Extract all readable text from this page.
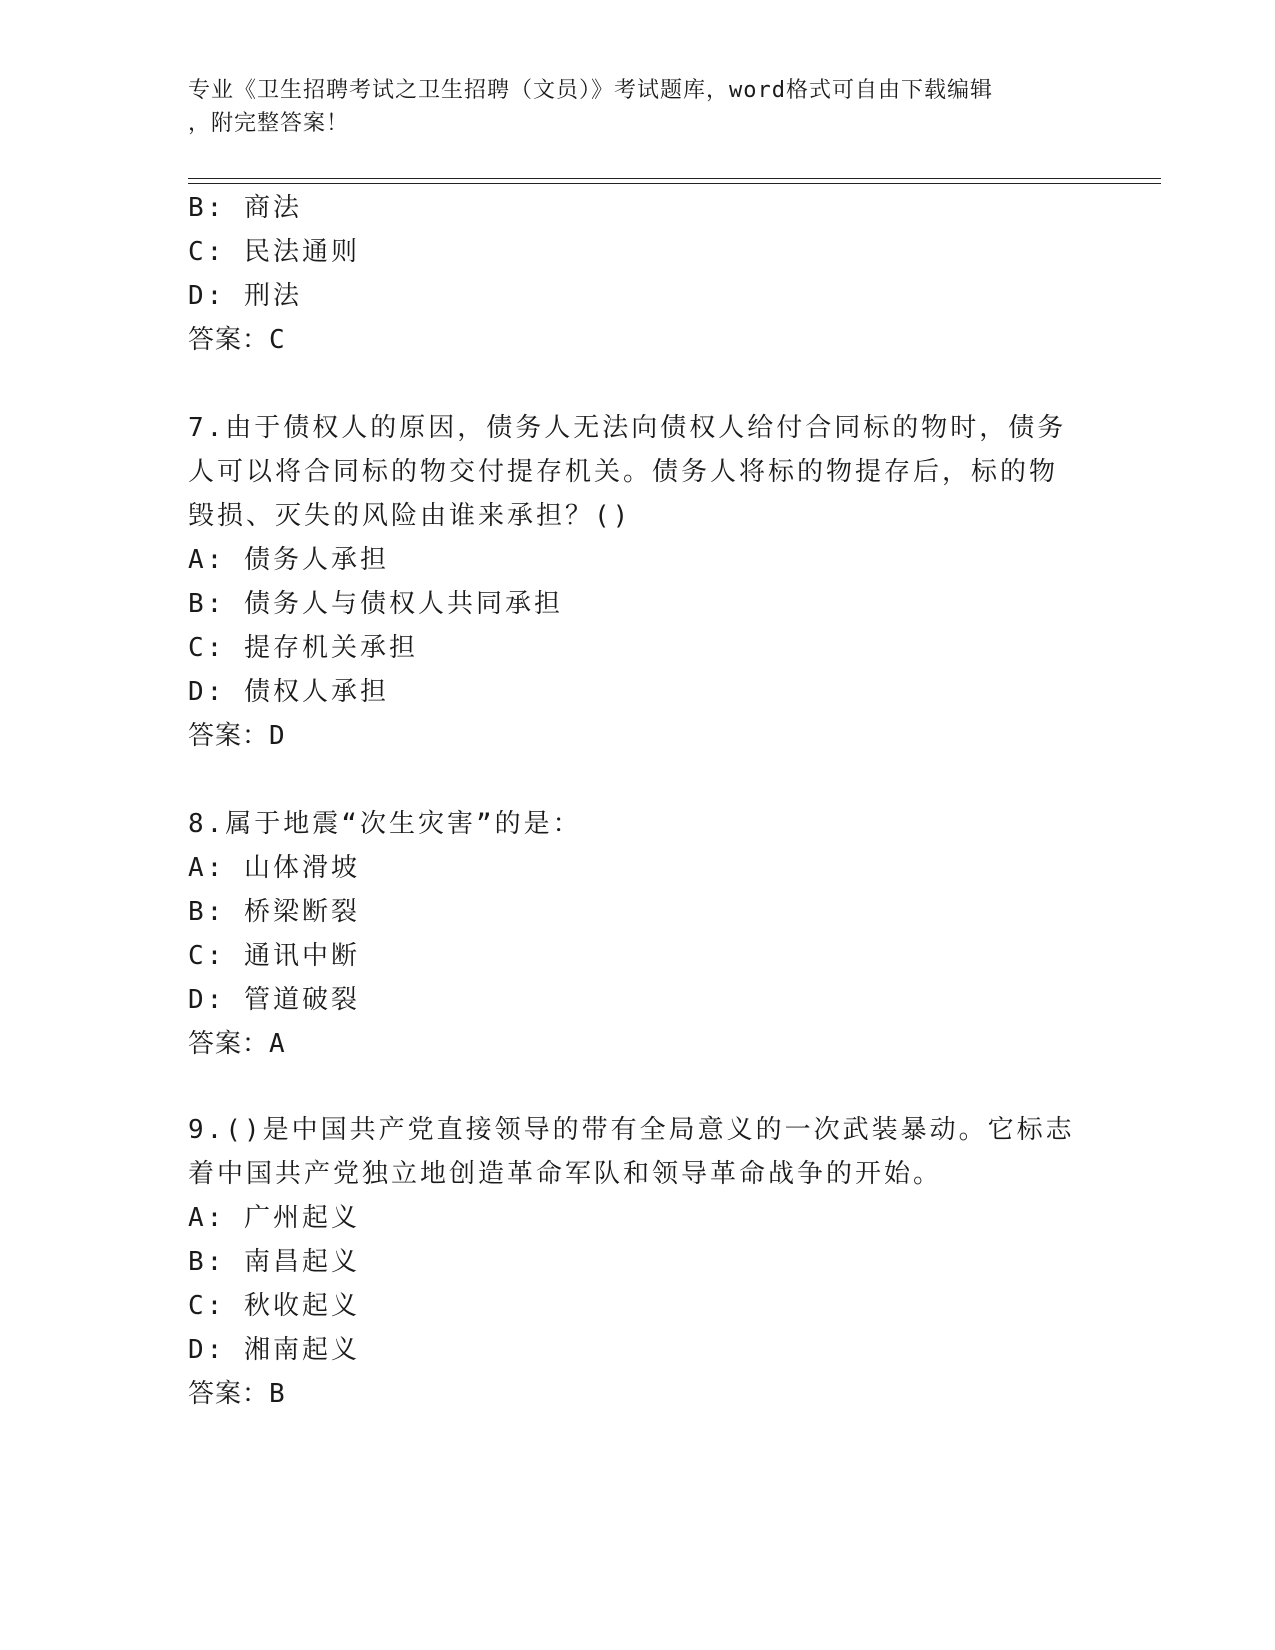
专业《卫生招聘考试之卫生招聘（文员）》考试题库，word格式可自由下载编辑
，附完整答案！
B: 商法
C: 民法通则
D: 刑法
答案：C
7.由于债权人的原因，债务人无法向债权人给付合同标的物时，债务
人可以将合同标的物交付提存机关。债务人将标的物提存后，标的物
毁损、灭失的风险由谁来承担？()
A: 债务人承担
B: 债务人与债权人共同承担
C: 提存机关承担
D: 债权人承担
答案：D
8.属于地震“次生灾害”的是：
A: 山体滑坡
B: 桥梁断裂
C: 通讯中断
D: 管道破裂
答案：A
9.()是中国共产党直接领导的带有全局意义的一次武装暴动。它标志
着中国共产党独立地创造革命军队和领导革命战争的开始。
A: 广州起义
B: 南昌起义
C: 秋收起义
D: 湘南起义
答案：B
